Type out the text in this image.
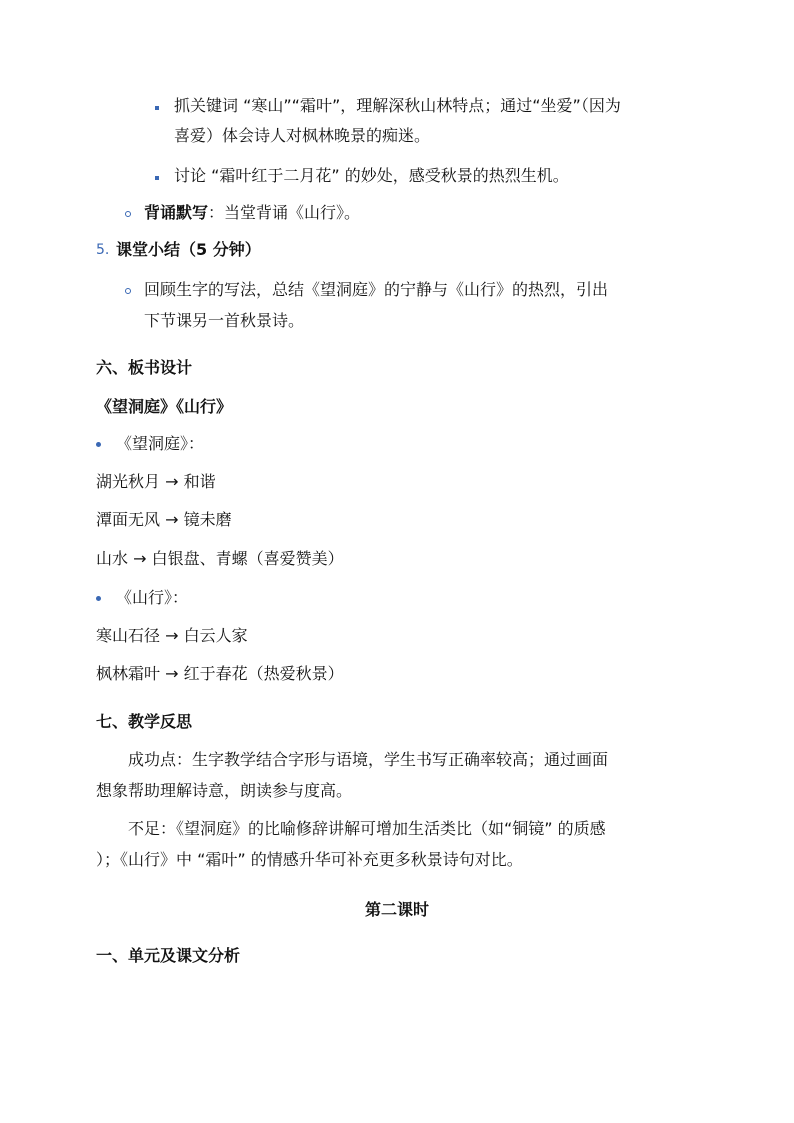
抓关键词 “寒山”“霜叶”，理解深秋山林特点；通过“坐爱”（因为
喜爱）体会诗人对枫林晚景的痴迷。
讨论 “霜叶红于二月花” 的妙处，感受秋景的热烈生机。
背诵默写：当堂背诵《山行》。
5. 课堂小结（5 分钟）
回顾生字的写法，总结《望洞庭》的宁静与《山行》的热烈，引出
下节课另一首秋景诗。
六、板书设计
《望洞庭》《山行》
《望洞庭》：
湖光秋月 → 和谐
潭面无风 → 镜未磨
山水 → 白银盘、青螺（喜爱赞美）
《山行》：
寒山石径 → 白云人家
枫林霜叶 → 红于春花（热爱秋景）
七、教学反思
成功点：生字教学结合字形与语境，学生书写正确率较高；通过画面
想象帮助理解诗意，朗读参与度高。
不足：《望洞庭》的比喻修辞讲解可增加生活类比（如“铜镜” 的质感
）；《山行》中 “霜叶” 的情感升华可补充更多秋景诗句对比。
第二课时
一、单元及课文分析
